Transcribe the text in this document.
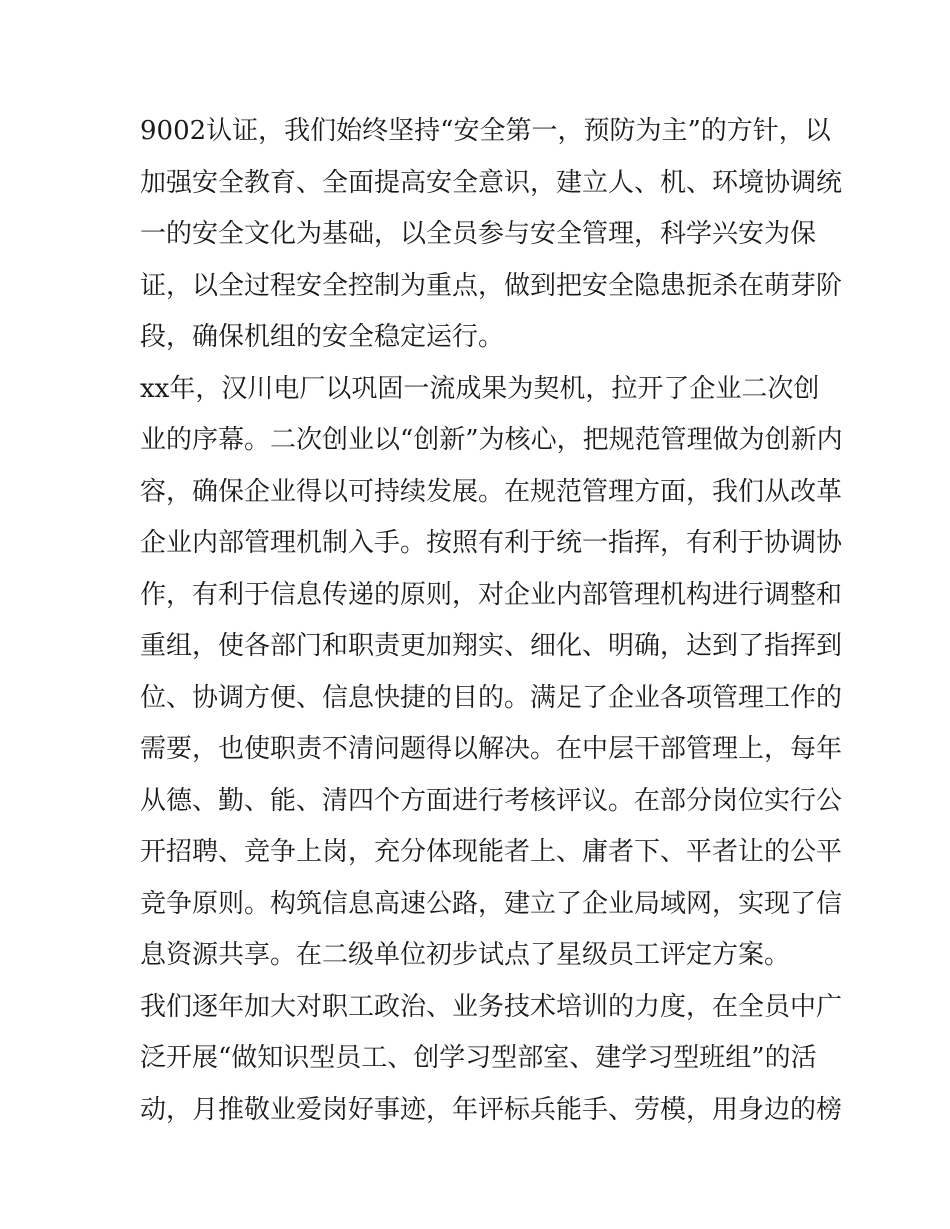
9002认证，我们始终坚持“安全第一，预防为主”的方针，以
加强安全教育、全面提高安全意识，建立人、机、环境协调统
一的安全文化为基础，以全员参与安全管理，科学兴安为保
证，以全过程安全控制为重点，做到把安全隐患扼杀在萌芽阶
段，确保机组的安全稳定运行。
xx年，汉川电厂以巩固一流成果为契机，拉开了企业二次创
业的序幕。二次创业以“创新”为核心，把规范管理做为创新内
容，确保企业得以可持续发展。在规范管理方面，我们从改革
企业内部管理机制入手。按照有利于统一指挥，有利于协调协
作，有利于信息传递的原则，对企业内部管理机构进行调整和
重组，使各部门和职责更加翔实、细化、明确，达到了指挥到
位、协调方便、信息快捷的目的。满足了企业各项管理工作的
需要，也使职责不清问题得以解决。在中层干部管理上，每年
从德、勤、能、清四个方面进行考核评议。在部分岗位实行公
开招聘、竞争上岗，充分体现能者上、庸者下、平者让的公平
竞争原则。构筑信息高速公路，建立了企业局域网，实现了信
息资源共享。在二级单位初步试点了星级员工评定方案。
我们逐年加大对职工政治、业务技术培训的力度，在全员中广
泛开展“做知识型员工、创学习型部室、建学习型班组”的活
动，月推敬业爱岗好事迹，年评标兵能手、劳模，用身边的榜
